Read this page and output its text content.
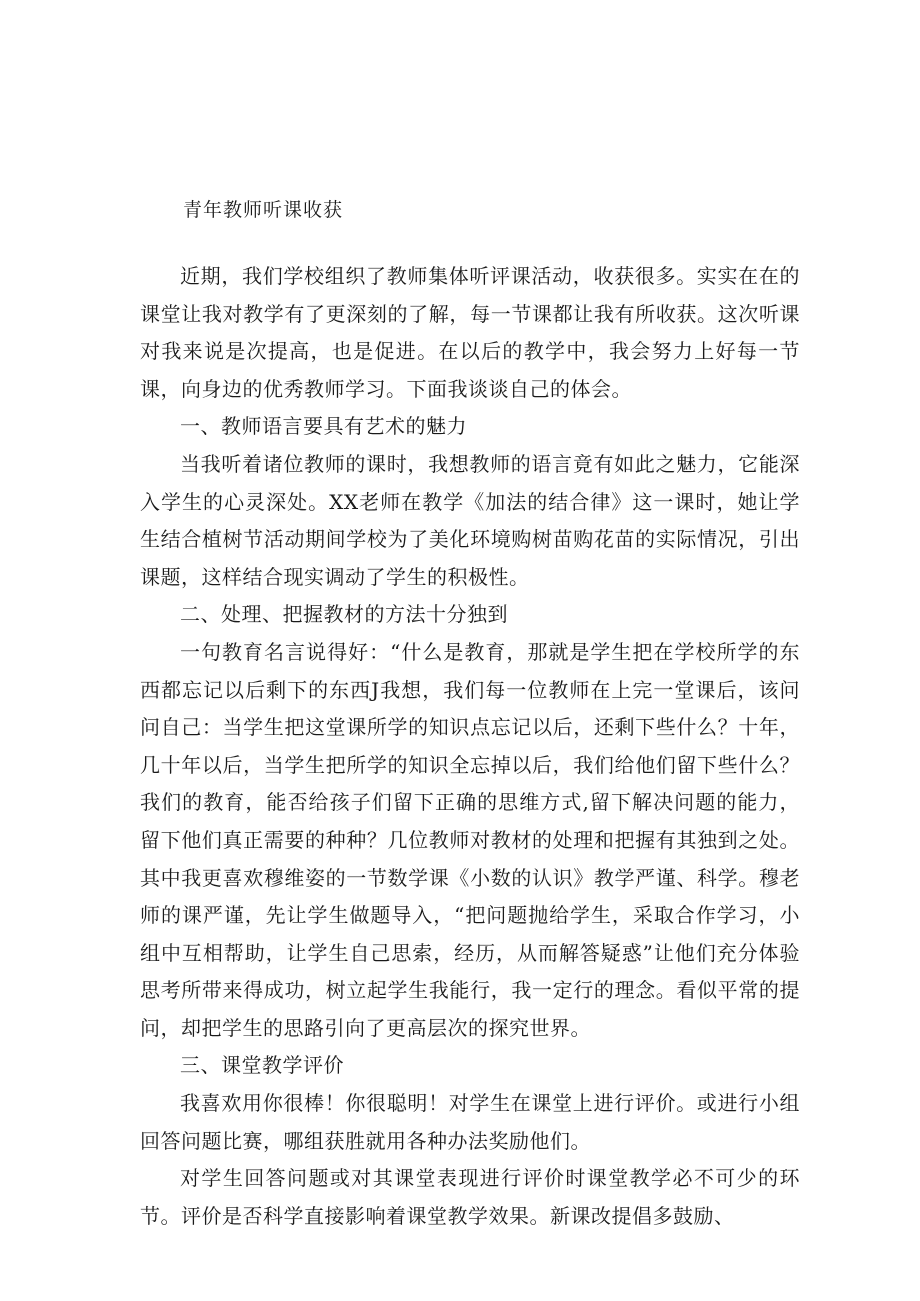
青年教师听课收获

近期，我们学校组织了教师集体听评课活动，收获很多。实实在在的课堂让我对教学有了更深刻的了解，每一节课都让我有所收获。这次听课对我来说是次提高，也是促进。在以后的教学中，我会努力上好每一节课，向身边的优秀教师学习。下面我谈谈自己的体会。

一、教师语言要具有艺术的魅力

当我听着诸位教师的课时，我想教师的语言竟有如此之魅力，它能深入学生的心灵深处。XX老师在教学《加法的结合律》这一课时，她让学生结合植树节活动期间学校为了美化环境购树苗购花苗的实际情况，引出课题，这样结合现实调动了学生的积极性。

二、处理、把握教材的方法十分独到

一句教育名言说得好：“什么是教育，那就是学生把在学校所学的东西都忘记以后剩下的东西J我想，我们每一位教师在上完一堂课后，该问问自己：当学生把这堂课所学的知识点忘记以后，还剩下些什么？十年，几十年以后，当学生把所学的知识全忘掉以后，我们给他们留下些什么？我们的教育，能否给孩子们留下正确的思维方式,留下解决问题的能力，留下他们真正需要的种种？几位教师对教材的处理和把握有其独到之处。其中我更喜欢穆维姿的一节数学课《小数的认识》教学严谨、科学。穆老师的课严谨，先让学生做题导入，“把问题抛给学生，采取合作学习，小组中互相帮助，让学生自己思索，经历，从而解答疑惑”让他们充分体验思考所带来得成功，树立起学生我能行，我一定行的理念。看似平常的提问，却把学生的思路引向了更高层次的探究世界。

三、课堂教学评价

我喜欢用你很棒！你很聪明！对学生在课堂上进行评价。或进行小组回答问题比赛，哪组获胜就用各种办法奖励他们。

对学生回答问题或对其课堂表现进行评价时课堂教学必不可少的环节。评价是否科学直接影响着课堂教学效果。新课改提倡多鼓励、
